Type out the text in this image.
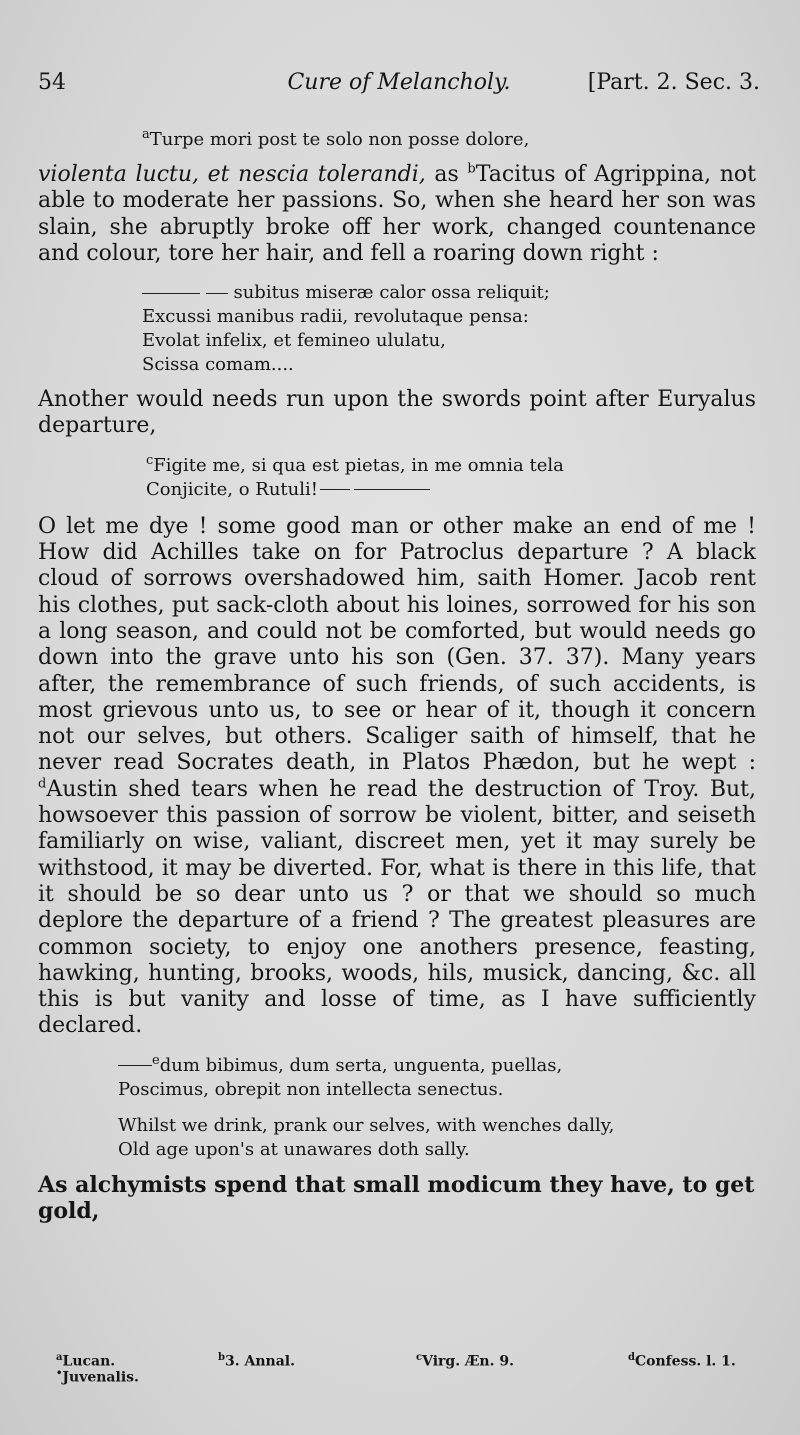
54	Cure of Melancholy.	[Part. 2. Sec. 3.
$^a$Turpe mori post te solo non posse dolore,

violenta luctu, et nescia tolerandi, as $^b$Tacitus of Agrippina, not able to moderate her passions. So, when she heard her son was slain, she abruptly broke off her work, changed countenance and colour, tore her hair, and fell a roaring down right :

subitus miseræ calor ossa reliquit;
Excussi manibus radii, revolutaque pensa:
Evolat infelix, et femineo ululatu,
Scissa comam....

Another would needs run upon the swords point after Euryalus departure,

$^c$Figite me, si qua est pietas, in me omnia tela
Conjicite, o Rutuli!

O let me dye ! some good man or other make an end of me ! How did Achilles take on for Patroclus departure ? A black cloud of sorrows overshadowed him, saith Homer. Jacob rent his clothes, put sack-cloth about his loines, sorrowed for his son a long season, and could not be comforted, but would needs go down into the grave unto his son (Gen. 37. 37). Many years after, the remembrance of such friends, of such accidents, is most grievous unto us, to see or hear of it, though it concern not our selves, but others. Scaliger saith of himself, that he never read Socrates death, in Platos Phædon, but he wept : $^d$Austin shed tears when he read the destruction of Troy. But, howsoever this passion of sorrow be violent, bitter, and seiseth familiarly on wise, valiant, discreet men, yet it may surely be withstood, it may be diverted. For, what is there in this life, that it should be so dear unto us ? or that we should so much deplore the departure of a friend ? The greatest pleasures are common society, to enjoy one anothers presence, feasting, hawking, hunting, brooks, woods, hils, musick, dancing, &c. all this is but vanity and losse of time, as I have sufficiently declared.

$^e$dum bibimus, dum serta, unguenta, puellas,
Poscimus, obrepit non intellecta senectus.
Whilst we drink, prank our selves, with wenches dally,
Old age upon's at unawares doth sally.

As alchymists spend that small modicum they have, to get gold,

$^a$Lucan.
•Juvenalis.
$^b$3. Annal.	$^c$Virg. Æn. 9.	$^d$Confess. l. 1.
